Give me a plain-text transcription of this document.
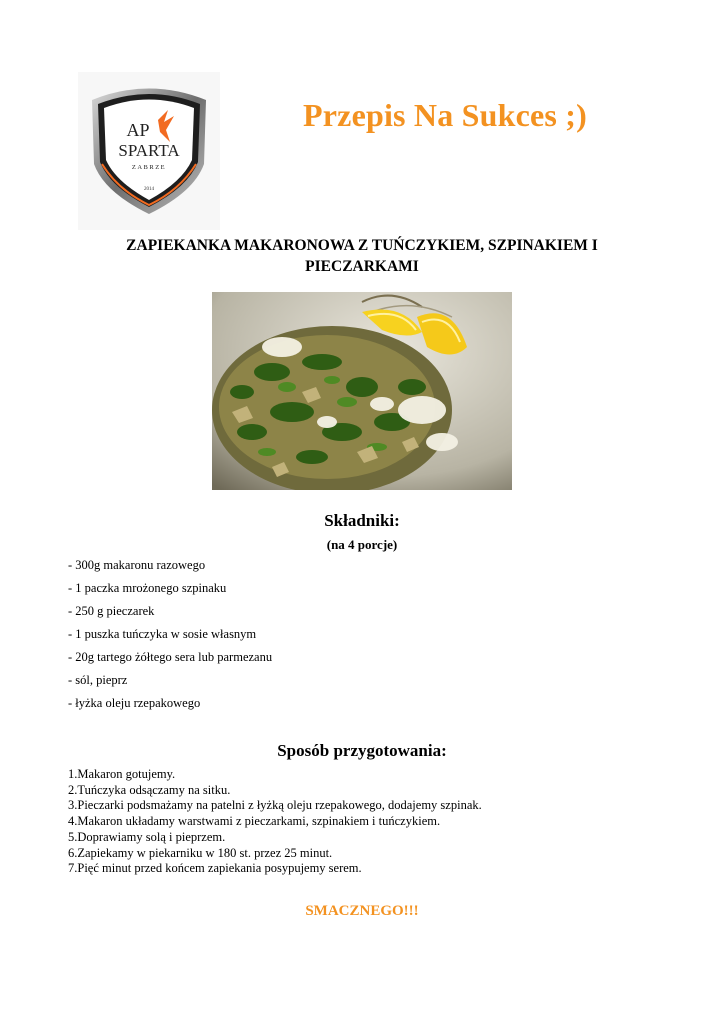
AP
SPARTA
ZABRZE
2014
Przepis Na Sukces ;)
ZAPIEKANKA MAKARONOWA Z TUŃCZYKIEM, SZPINAKIEM I
PIECZARKAMI
Składniki:

(na 4 porcje)

- 300g makaronu razowego
- 1 paczka mrożonego szpinaku
- 250 g pieczarek
- 1 puszka tuńczyka w sosie własnym
- 20g tartego żółtego sera lub parmezanu
- sól, pieprz
- łyżka oleju rzepakowego
Sposób przygotowania:
1.Makaron gotujemy.
2.Tuńczyka odsączamy na sitku.
3.Pieczarki podsmażamy na patelni z łyżką oleju rzepakowego, dodajemy szpinak.
4.Makaron układamy warstwami z pieczarkami, szpinakiem i tuńczykiem.
5.Doprawiamy solą i pieprzem.
6.Zapiekamy w piekarniku w 180 st. przez 25 minut.
7.Pięć minut przed końcem zapiekania posypujemy serem.

SMACZNEGO!!!
